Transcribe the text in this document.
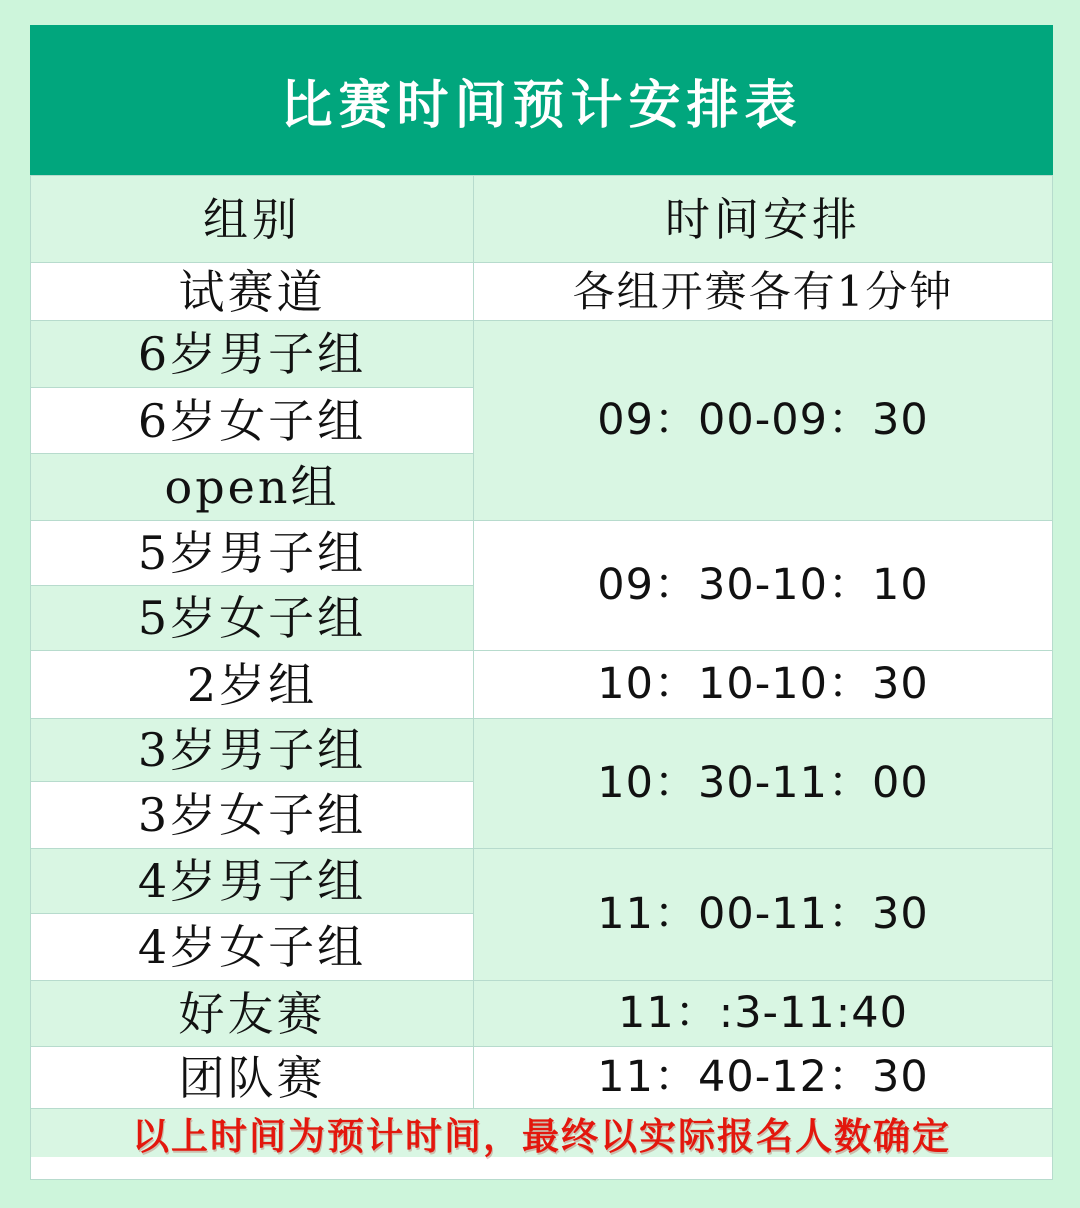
比赛时间预计安排表
组别	时间安排
试赛道
6岁男子组
6岁女子组
open组
5岁男子组
5岁女子组
2岁组
3岁男子组
3岁女子组
4岁男子组
4岁女子组
好友赛
团队赛
各组开赛各有1分钟
09：00-09：30
09：30-10：10
10：10-10：30
10：30-11：00
11：00-11：30
11：:3-11:40
11：40-12：30
以上时间为预计时间，最终以实际报名人数确定
